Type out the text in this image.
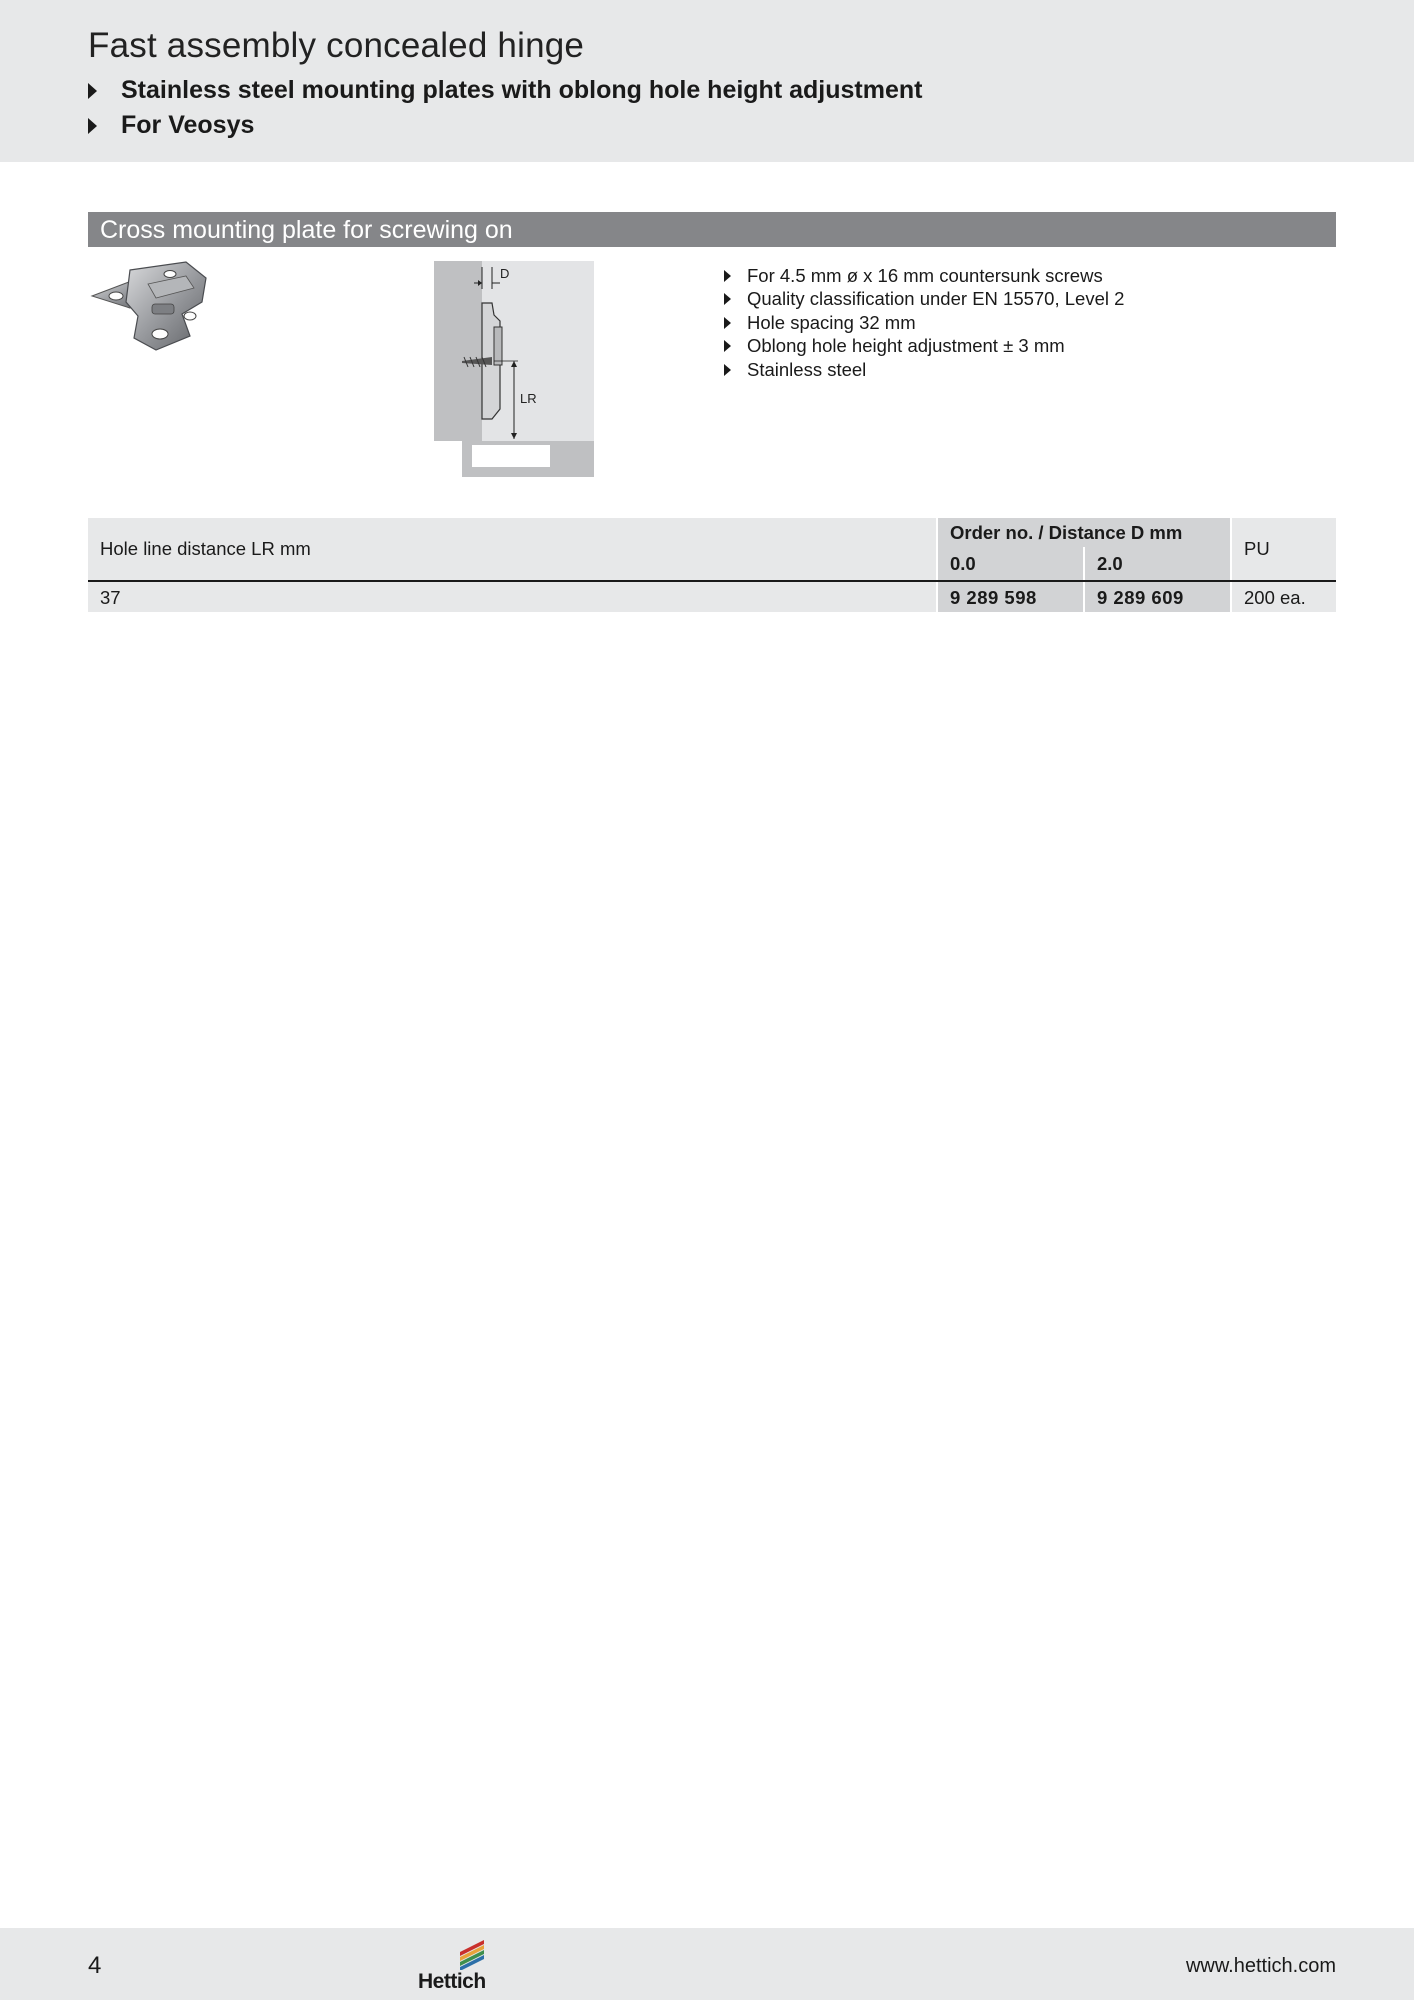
Fast assembly concealed hinge
Stainless steel mounting plates with oblong hole height adjustment
For Veosys
Cross mounting plate for screwing on
D
LR
For 4.5 mm ø x 16 mm countersunk screws
Quality classification under EN 15570, Level 2
Hole spacing 32 mm
Oblong hole height adjustment ± 3 mm
Stainless steel
Hole line distance LR mm
Order no. / Distance D mm
0.0	2.0
PU
37	9 289 598	9 289 609	200 ea.
4
Hettich
www.hettich.com
